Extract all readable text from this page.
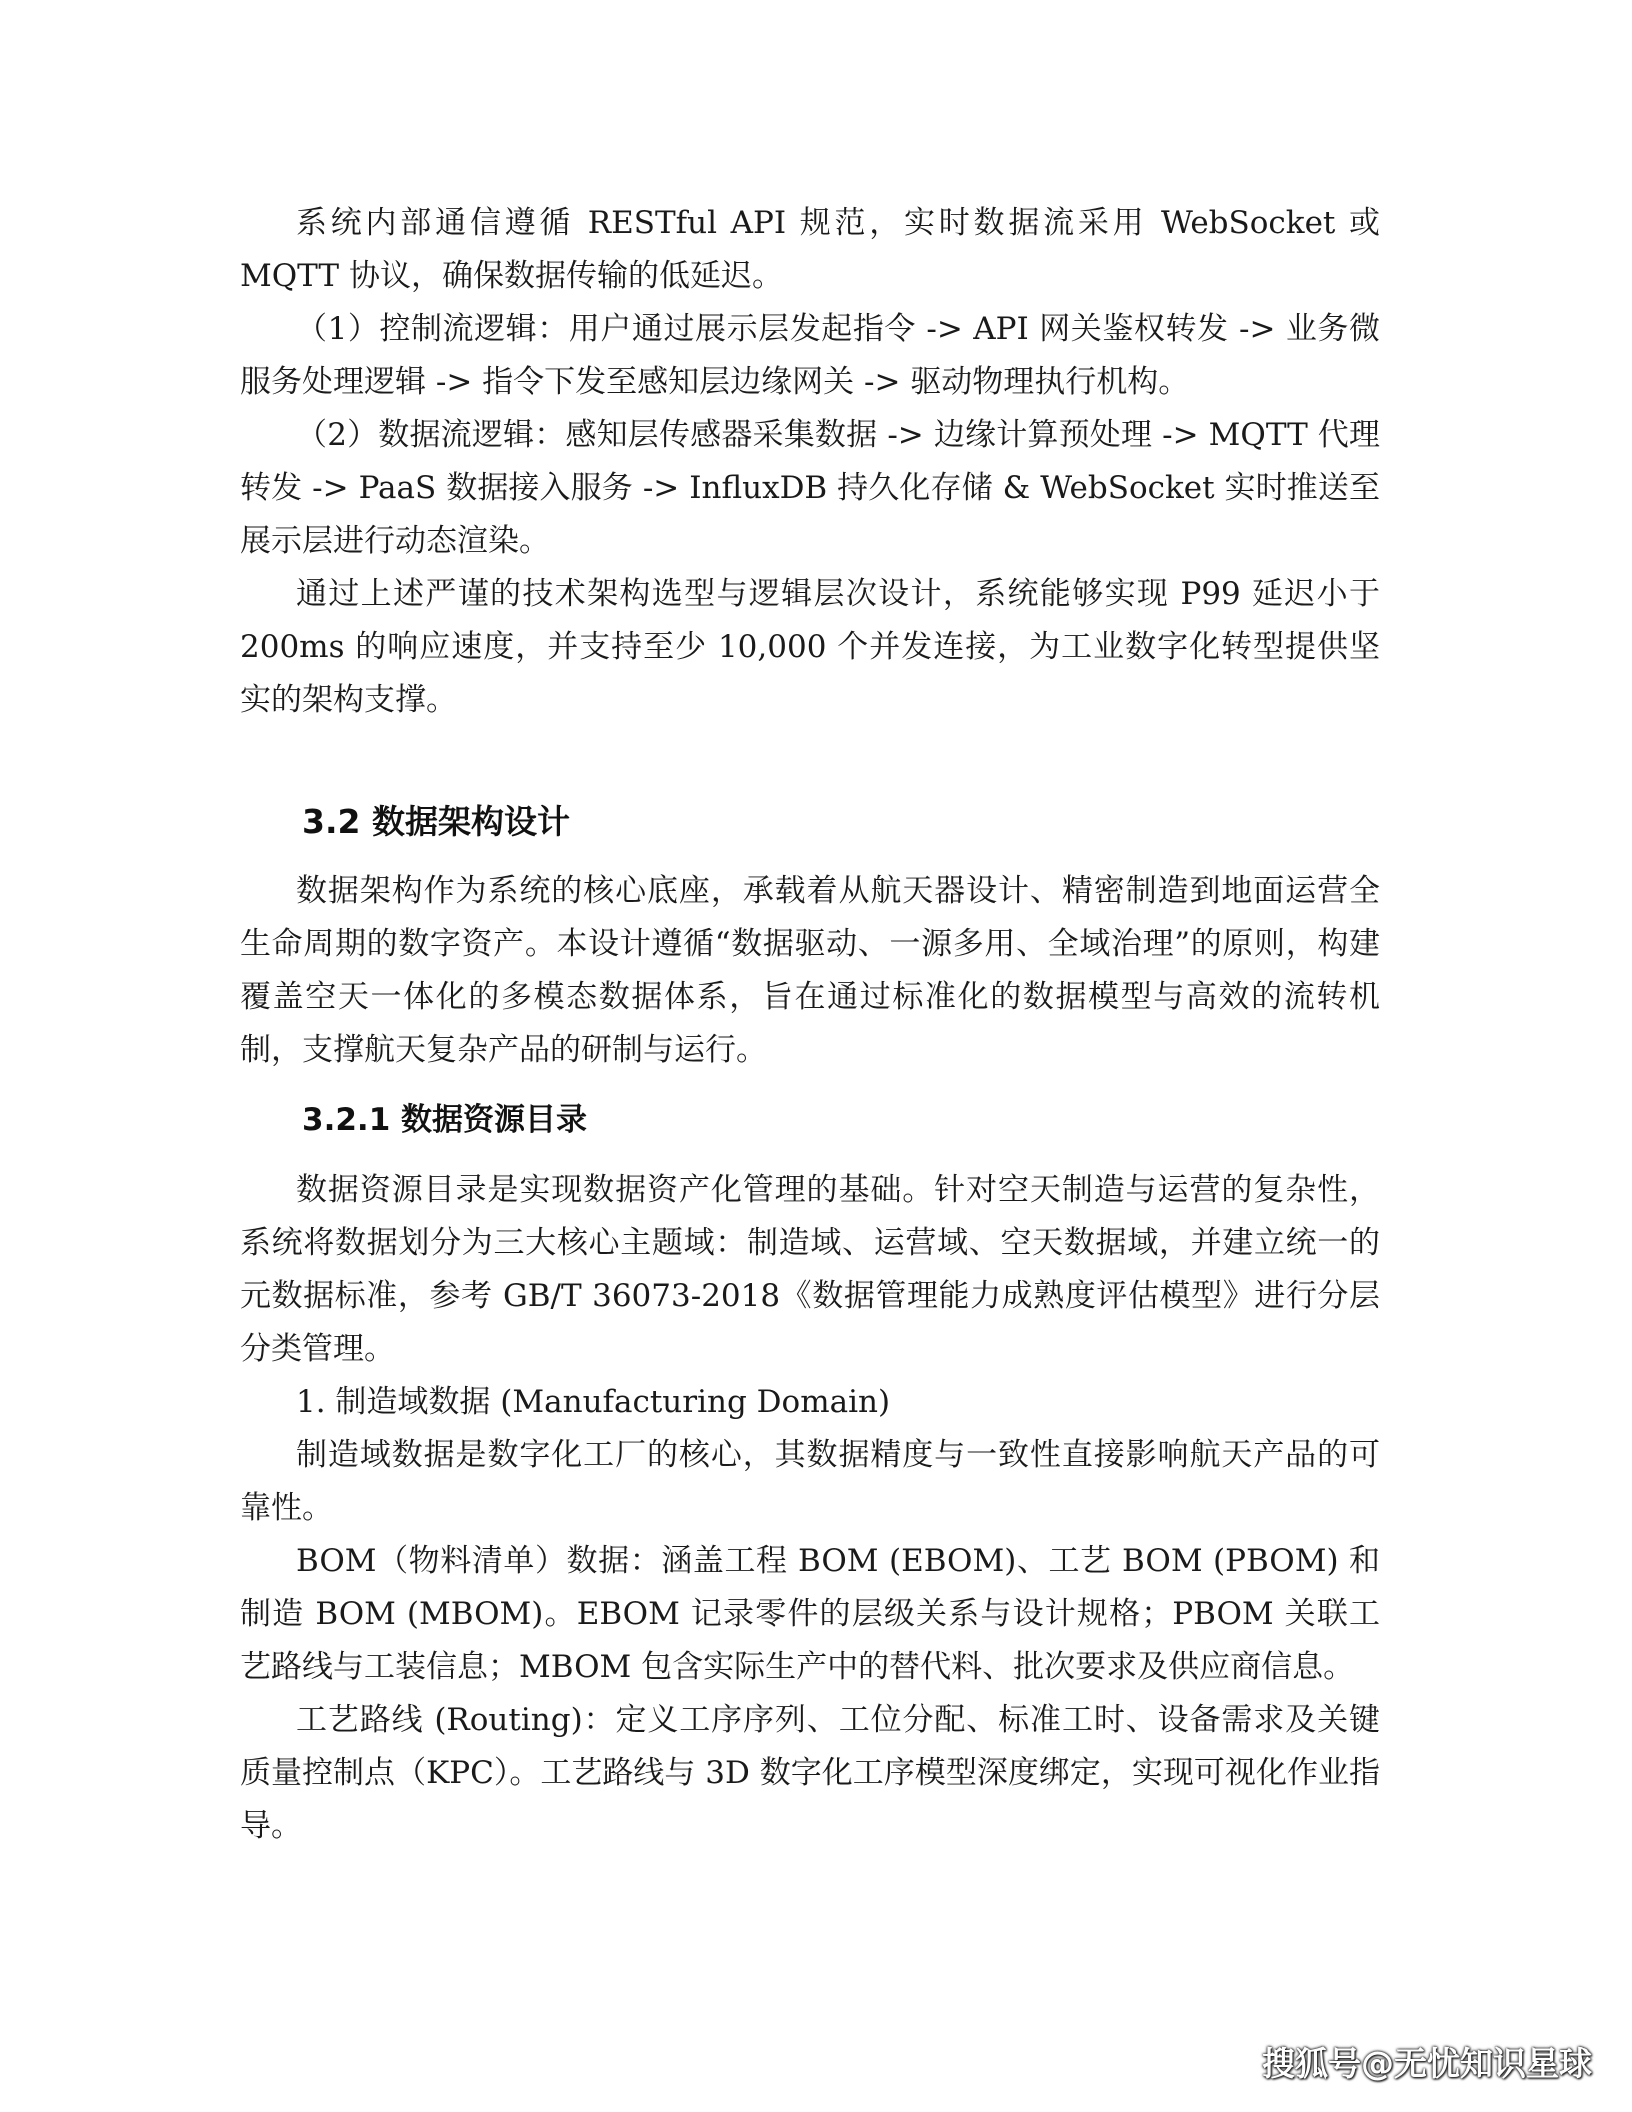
系统内部通信遵循 RESTful API 规范，实时数据流采用 WebSocket 或 MQTT 协议，确保数据传输的低延迟。

（1）控制流逻辑：用户通过展示层发起指令 -> API 网关鉴权转发 -> 业务微服务处理逻辑 -> 指令下发至感知层边缘网关 -> 驱动物理执行机构。

（2）数据流逻辑：感知层传感器采集数据 -> 边缘计算预处理 -> MQTT 代理转发 -> PaaS 数据接入服务 -> InfluxDB 持久化存储 & WebSocket 实时推送至展示层进行动态渲染。

通过上述严谨的技术架构选型与逻辑层次设计，系统能够实现 P99 延迟小于 200ms 的响应速度，并支持至少 10,000 个并发连接，为工业数字化转型提供坚实的架构支撑。

3.2 数据架构设计

数据架构作为系统的核心底座，承载着从航天器设计、精密制造到地面运营全生命周期的数字资产。本设计遵循“数据驱动、一源多用、全域治理”的原则，构建覆盖空天一体化的多模态数据体系，旨在通过标准化的数据模型与高效的流转机制，支撑航天复杂产品的研制与运行。

3.2.1 数据资源目录

数据资源目录是实现数据资产化管理的基础。针对空天制造与运营的复杂性，系统将数据划分为三大核心主题域：制造域、运营域、空天数据域，并建立统一的元数据标准，参考 GB/T 36073-2018《数据管理能力成熟度评估模型》进行分层分类管理。

1. 制造域数据 (Manufacturing Domain)

制造域数据是数字化工厂的核心，其数据精度与一致性直接影响航天产品的可靠性。

BOM（物料清单）数据：涵盖工程 BOM (EBOM)、工艺 BOM (PBOM) 和制造 BOM (MBOM)。EBOM 记录零件的层级关系与设计规格；PBOM 关联工艺路线与工装信息；MBOM 包含实际生产中的替代料、批次要求及供应商信息。

工艺路线 (Routing)：定义工序序列、工位分配、标准工时、设备需求及关键质量控制点（KPC）。工艺路线与 3D 数字化工序模型深度绑定，实现可视化作业指导。

搜狐号@无忧知识星球
